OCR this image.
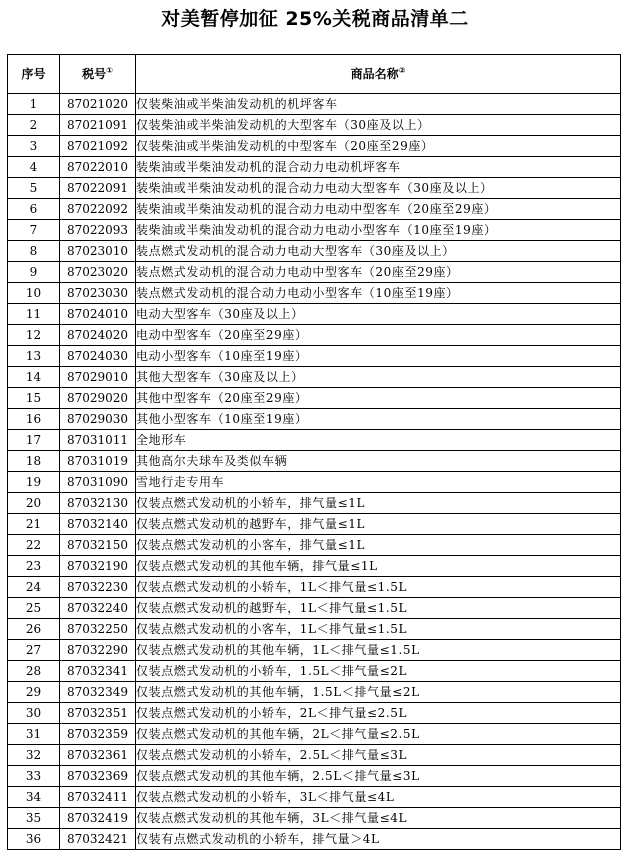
对美暂停加征 25%关税商品清单二
序号	税号①	商品名称②
1	87021020	仅装柴油或半柴油发动机的机坪客车
2	87021091	仅装柴油或半柴油发动机的大型客车（30座及以上）
3	87021092	仅装柴油或半柴油发动机的中型客车（20座至29座）
4	87022010	装柴油或半柴油发动机的混合动力电动机坪客车
5	87022091	装柴油或半柴油发动机的混合动力电动大型客车（30座及以上）
6	87022092	装柴油或半柴油发动机的混合动力电动中型客车（20座至29座）
7	87022093	装柴油或半柴油发动机的混合动力电动小型客车（10座至19座）
8	87023010	装点燃式发动机的混合动力电动大型客车（30座及以上）
9	87023020	装点燃式发动机的混合动力电动中型客车（20座至29座）
10	87023030	装点燃式发动机的混合动力电动小型客车（10座至19座）
11	87024010	电动大型客车（30座及以上）
12	87024020	电动中型客车（20座至29座）
13	87024030	电动小型客车（10座至19座）
14	87029010	其他大型客车（30座及以上）
15	87029020	其他中型客车（20座至29座）
16	87029030	其他小型客车（10座至19座）
17	87031011	全地形车
18	87031019	其他高尔夫球车及类似车辆
19	87031090	雪地行走专用车
20	87032130	仅装点燃式发动机的小轿车，排气量≤1L
21	87032140	仅装点燃式发动机的越野车，排气量≤1L
22	87032150	仅装点燃式发动机的小客车，排气量≤1L
23	87032190	仅装点燃式发动机的其他车辆，排气量≤1L
24	87032230	仅装点燃式发动机的小轿车，1L＜排气量≤1.5L
25	87032240	仅装点燃式发动机的越野车，1L＜排气量≤1.5L
26	87032250	仅装点燃式发动机的小客车，1L＜排气量≤1.5L
27	87032290	仅装点燃式发动机的其他车辆，1L＜排气量≤1.5L
28	87032341	仅装点燃式发动机的小轿车，1.5L＜排气量≤2L
29	87032349	仅装点燃式发动机的其他车辆，1.5L＜排气量≤2L
30	87032351	仅装点燃式发动机的小轿车，2L＜排气量≤2.5L
31	87032359	仅装点燃式发动机的其他车辆，2L＜排气量≤2.5L
32	87032361	仅装点燃式发动机的小轿车，2.5L＜排气量≤3L
33	87032369	仅装点燃式发动机的其他车辆，2.5L＜排气量≤3L
34	87032411	仅装点燃式发动机的小轿车，3L＜排气量≤4L
35	87032419	仅装点燃式发动机的其他车辆，3L＜排气量≤4L
36	87032421	仅装有点燃式发动机的小轿车，排气量＞4L
